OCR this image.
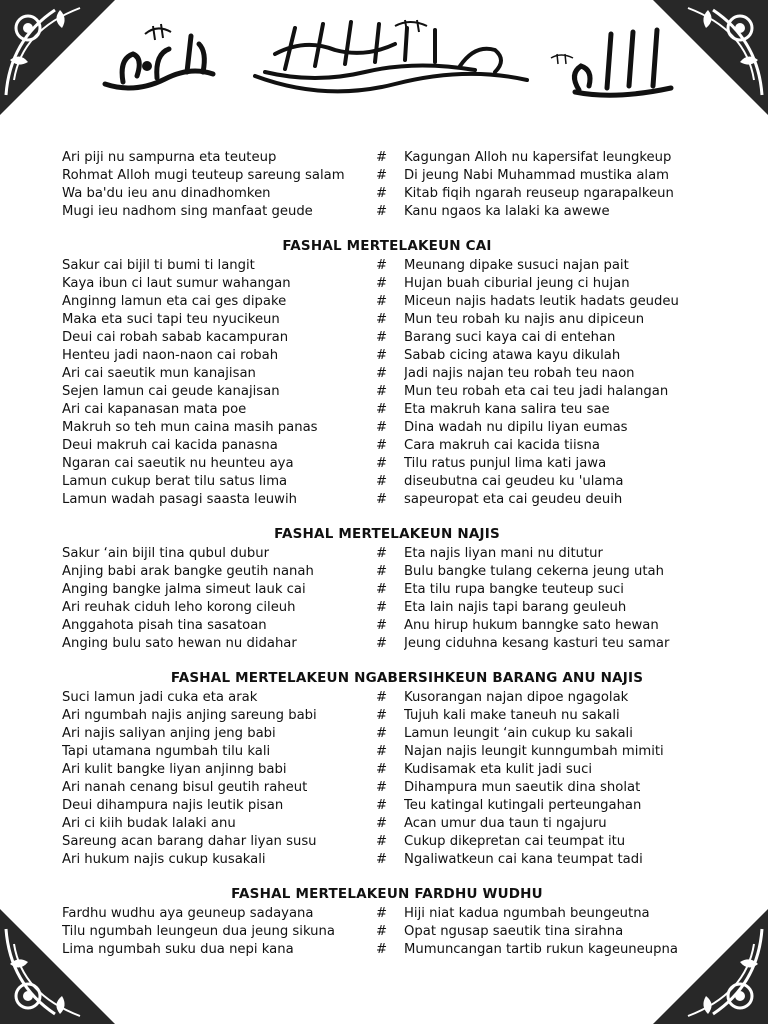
Ari piji nu sampurna eta teuteup	#	Kagungan Alloh nu kapersifat leungkeup
Rohmat Alloh mugi teuteup sareung salam	#	Di jeung Nabi Muhammad mustika alam
Wa ba'du ieu anu dinadhomken	#	Kitab fiqih ngarah reuseup ngarapalkeun
Mugi ieu nadhom sing manfaat geude	#	Kanu ngaos ka lalaki ka awewe
FASHAL MERTELAKEUN CAI
Sakur cai bijil ti bumi ti langit	#	Meunang dipake susuci najan pait
Kaya ibun ci laut sumur wahangan	#	Hujan buah ciburial jeung ci hujan
Anginng lamun eta cai ges dipake	#	Miceun najis hadats leutik hadats geudeu
Maka eta suci tapi teu nyucikeun	#	Mun teu robah ku najis anu dipiceun
Deui cai robah sabab kacampuran	#	Barang suci kaya cai di entehan
Henteu jadi naon-naon cai robah	#	Sabab cicing atawa kayu dikulah
Ari cai saeutik mun kanajisan	#	Jadi najis najan teu robah teu naon
Sejen lamun cai geude kanajisan	#	Mun teu robah eta cai teu jadi halangan
Ari cai kapanasan mata poe	#	Eta makruh kana salira teu sae
Makruh so teh mun caina masih panas	#	Dina wadah nu dipilu liyan eumas
Deui makruh cai kacida panasna	#	Cara makruh cai kacida tiisna
Ngaran cai saeutik nu heunteu aya	#	Tilu ratus punjul lima kati jawa
Lamun cukup berat tilu satus lima	#	diseubutna cai geudeu ku 'ulama
Lamun wadah pasagi saasta leuwih	#	sapeuropat eta cai geudeu deuih
FASHAL MERTELAKEUN NAJIS
Sakur ‘ain bijil tina qubul dubur	#	Eta najis liyan mani nu ditutur
Anjing babi arak bangke geutih nanah	#	Bulu bangke tulang cekerna jeung utah
Anging bangke jalma simeut lauk cai	#	Eta tilu rupa bangke teuteup suci
Ari reuhak ciduh leho korong cileuh	#	Eta lain najis tapi barang geuleuh
Anggahota pisah tina sasatoan	#	Anu hirup hukum banngke sato hewan
Anging bulu sato hewan nu didahar	#	Jeung ciduhna kesang kasturi teu samar
FASHAL MERTELAKEUN NGABERSIHKEUN BARANG ANU NAJIS
Suci lamun jadi cuka eta arak	#	Kusorangan najan dipoe ngagolak
Ari ngumbah najis anjing sareung babi	#	Tujuh kali make taneuh nu sakali
Ari najis saliyan anjing jeng babi	#	Lamun leungit ‘ain cukup ku sakali
Tapi utamana ngumbah tilu kali	#	Najan najis leungit kunngumbah mimiti
Ari kulit bangke liyan anjinng babi	#	Kudisamak eta kulit jadi suci
Ari nanah cenang bisul geutih raheut	#	Dihampura mun saeutik dina sholat
Deui dihampura najis leutik pisan	#	Teu katingal kutingali perteungahan
Ari ci kiih budak lalaki anu	#	Acan umur dua taun ti ngajuru
Sareung acan barang dahar liyan susu	#	Cukup dikepretan cai teumpat itu
Ari hukum najis cukup kusakali	#	Ngaliwatkeun cai kana teumpat tadi
FASHAL MERTELAKEUN FARDHU WUDHU
Fardhu wudhu aya geuneup sadayana	#	Hiji niat kadua ngumbah beungeutna
Tilu ngumbah leungeun dua jeung sikuna	#	Opat ngusap saeutik tina sirahna
Lima ngumbah suku dua nepi kana	#	Mumuncangan tartib rukun kageuneupna
